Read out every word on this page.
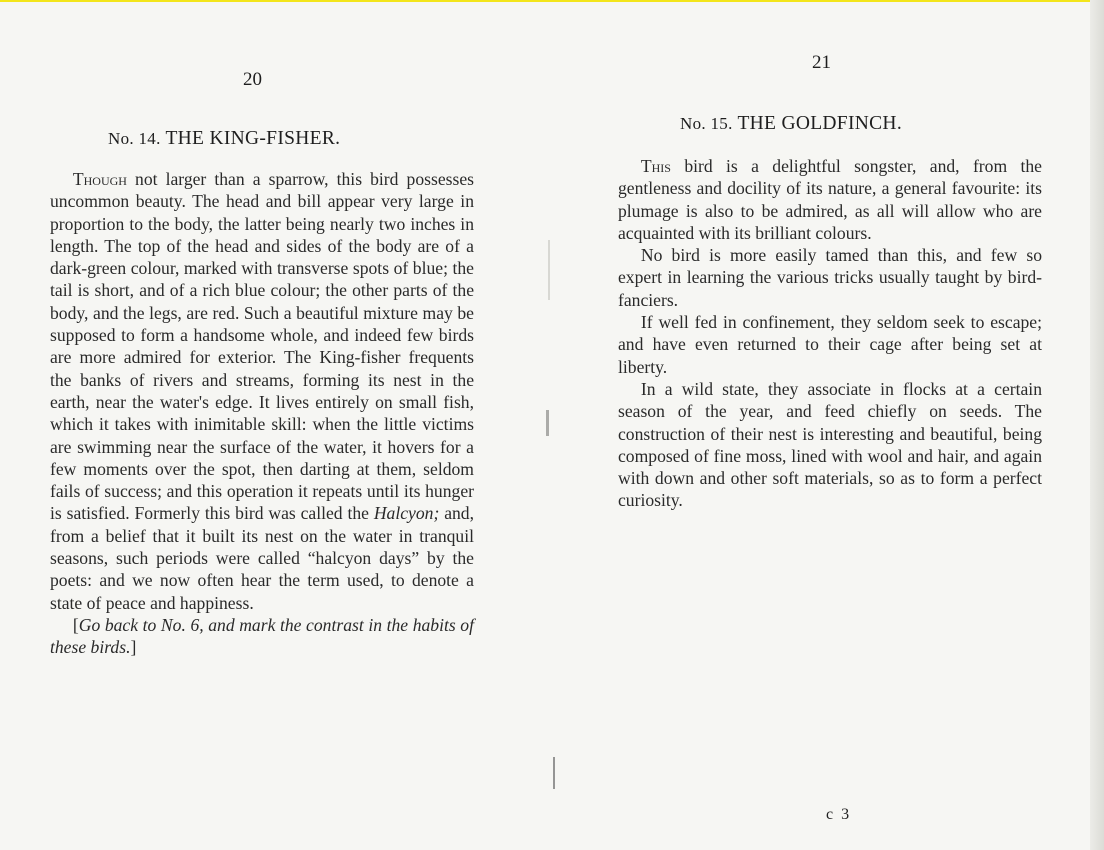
20
No. 14. THE KING-FISHER.

Though not larger than a sparrow, this bird possesses uncommon beauty. The head and bill appear very large in proportion to the body, the latter being nearly two inches in length. The top of the head and sides of the body are of a dark-green colour, marked with transverse spots of blue; the tail is short, and of a rich blue colour; the other parts of the body, and the legs, are red. Such a beautiful mixture may be supposed to form a handsome whole, and indeed few birds are more admired for exterior. The King-fisher frequents the banks of rivers and streams, forming its nest in the earth, near the water's edge. It lives entirely on small fish, which it takes with inimitable skill: when the little victims are swimming near the surface of the water, it hovers for a few moments over the spot, then darting at them, seldom fails of success; and this operation it repeats until its hunger is satisfied. Formerly this bird was called the Halcyon; and, from a belief that it built its nest on the water in tranquil seasons, such periods were called “halcyon days” by the poets: and we now often hear the term used, to denote a state of peace and happiness.

[Go back to No. 6, and mark the contrast in the habits of these birds.]

21
No. 15. THE GOLDFINCH.

This bird is a delightful songster, and, from the gentleness and docility of its nature, a general favourite: its plumage is also to be admired, as all will allow who are acquainted with its brilliant colours.

No bird is more easily tamed than this, and few so expert in learning the various tricks usually taught by bird-fanciers.

If well fed in confinement, they seldom seek to escape; and have even returned to their cage after being set at liberty.

In a wild state, they associate in flocks at a certain season of the year, and feed chiefly on seeds. The construction of their nest is interesting and beautiful, being composed of fine moss, lined with wool and hair, and again with down and other soft materials, so as to form a perfect curiosity.

c 3
